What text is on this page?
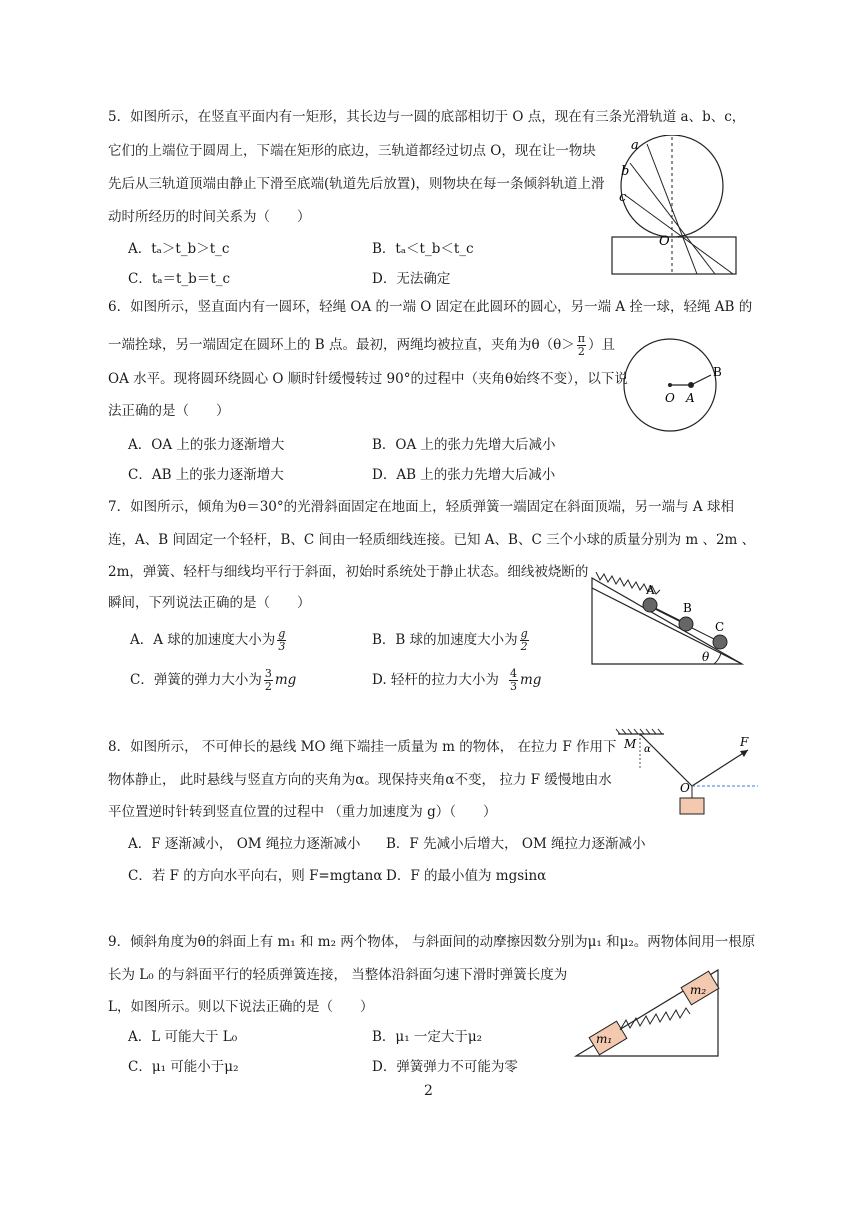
5．如图所示，在竖直平面内有一矩形，其长边与一圆的底部相切于 O 点，现在有三条光滑轨道 a、b、c，
它们的上端位于圆周上，下端在矩形的底边，三轨道都经过切点 O，现在让一物块
先后从三轨道顶端由静止下滑至底端(轨道先后放置)，则物块在每一条倾斜轨道上滑
动时所经历的时间关系为（　　）
A．tₐ＞t_b＞t_c	B．tₐ＜t_b＜t_c
C．tₐ＝t_b＝t_c	D．无法确定
a
b
c
O
6．如图所示，竖直面内有一圆环，轻绳 OA 的一端 O 固定在此圆环的圆心，另一端 A 拴一球，轻绳 AB 的
一端拴球，另一端固定在圆环上的 B 点。最初，两绳均被拉直，夹角为$\theta(\theta> \frac{\pi}{2}$ ）且
OA 水平。现将圆环绕圆心 O 顺时针缓慢转过 90°的过程中（夹角θ始终不变），以下说
法正确的是（　　）
A．OA 上的张力逐渐增大	B．OA 上的张力先增大后减小
C．AB 上的张力逐渐增大	D．AB 上的张力先增大后减小
O A
B
7．如图所示，倾角为θ＝30°的光滑斜面固定在地面上，轻质弹簧一端固定在斜面顶端，另一端与 A 球相
连，A、B 间固定一个轻杆，B、C 间由一轻质细线连接。已知 A、B、C 三个小球的质量分别为 m 、2m 、
2m，弹簧、轻杆与细线均平行于斜面，初始时系统处于静止状态。细线被烧断的
瞬间，下列说法正确的是（　　）
A．A 球的加速度大小为 $\frac{g}{3}$	B．B 球的加速度大小为 $\frac{g}{2}$
C．弹簧的弹力大小为 $\frac{3}{2}$ mg	D. 轻杆的拉力大小为 $\frac{4}{3}$ mg
A
B
C
θ
8．如图所示， 不可伸长的悬线 MO 绳下端挂一质量为 m 的物体， 在拉力 F 作用下
物体静止， 此时悬线与竖直方向的夹角为α。现保持夹角α不变， 拉力 F 缓慢地由水
平位置逆时针转到竖直位置的过程中 （重力加速度为 g）（　　）
A．F 逐渐减小， OM 绳拉力逐渐减小 B．F 先减小后增大， OM 绳拉力逐渐减小
C．若 F 的方向水平向右，则 F=mgtanα D．F 的最小值为 mgsinα
M α
F
O
9．倾斜角度为θ的斜面上有 m₁ 和 m₂ 两个物体， 与斜面间的动摩擦因数分别为μ₁ 和μ₂。两物体间用一根原
长为 L₀ 的与斜面平行的轻质弹簧连接， 当整体沿斜面匀速下滑时弹簧长度为
L，如图所示。则以下说法正确的是（　　）
A．L 可能大于 L₀	B．μ₁ 一定大于μ₂
C．μ₁ 可能小于μ₂	D．弹簧弹力不可能为零
m₁
m₂
2
